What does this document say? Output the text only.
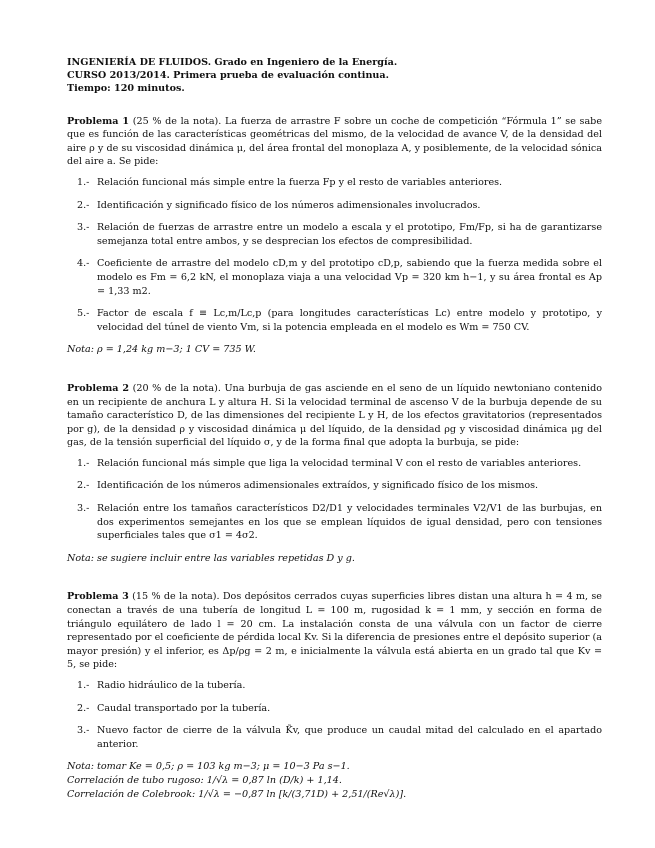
INGENIERÍA DE FLUIDOS. Grado en Ingeniero de la Energía.
CURSO 2013/2014. Primera prueba de evaluación continua.
Tiempo: 120 minutos.

Problema 1 (25 % de la nota). La fuerza de arrastre F sobre un coche de competición “Fórmula 1” se sabe que es función de las características geométricas del mismo, de la velocidad de avance V, de la densidad del aire ρ y de su viscosidad dinámica μ, del área frontal del monoplaza A, y posiblemente, de la velocidad sónica del aire a. Se pide:

1.- Relación funcional más simple entre la fuerza Fp y el resto de variables anteriores.
2.- Identificación y significado físico de los números adimensionales involucrados.
3.- Relación de fuerzas de arrastre entre un modelo a escala y el prototipo, Fm/Fp, si ha de garantizarse semejanza total entre ambos, y se desprecian los efectos de compresibilidad.
4.- Coeficiente de arrastre del modelo cD,m y del prototipo cD,p, sabiendo que la fuerza medida sobre el modelo es Fm = 6,2 kN, el monoplaza viaja a una velocidad Vp = 320 km h−1, y su área frontal es Ap = 1,33 m2.
5.- Factor de escala f ≡ Lc,m/Lc,p (para longitudes características Lc) entre modelo y prototipo, y velocidad del túnel de viento Vm, si la potencia empleada en el modelo es Wm = 750 CV.

Nota: ρ = 1,24 kg m−3; 1 CV = 735 W.

Problema 2 (20 % de la nota). Una burbuja de gas asciende en el seno de un líquido newtoniano contenido en un recipiente de anchura L y altura H. Si la velocidad terminal de ascenso V de la burbuja depende de su tamaño característico D, de las dimensiones del recipiente L y H, de los efectos gravitatorios (representados por g), de la densidad ρ y viscosidad dinámica μ del líquido, de la densidad ρg y viscosidad dinámica μg del gas, de la tensión superficial del líquido σ, y de la forma final que adopta la burbuja, se pide:

1.- Relación funcional más simple que liga la velocidad terminal V con el resto de variables anteriores.
2.- Identificación de los números adimensionales extraídos, y significado físico de los mismos.
3.- Relación entre los tamaños característicos D2/D1 y velocidades terminales V2/V1 de las burbujas, en dos experimentos semejantes en los que se emplean líquidos de igual densidad, pero con tensiones superficiales tales que σ1 = 4σ2.

Nota: se sugiere incluir entre las variables repetidas D y g.

Problema 3 (15 % de la nota). Dos depósitos cerrados cuyas superficies libres distan una altura h = 4 m, se conectan a través de una tubería de longitud L = 100 m, rugosidad k = 1 mm, y sección en forma de triángulo equilátero de lado l = 20 cm. La instalación consta de una válvula con un factor de cierre representado por el coeficiente de pérdida local Kv. Si la diferencia de presiones entre el depósito superior (a mayor presión) y el inferior, es Δp/ρg = 2 m, e inicialmente la válvula está abierta en un grado tal que Kv = 5, se pide:

1.- Radio hidráulico de la tubería.
2.- Caudal transportado por la tubería.
3.- Nuevo factor de cierre de la válvula K̃v, que produce un caudal mitad del calculado en el apartado anterior.

Nota: tomar Ke = 0,5; ρ = 103 kg m−3; μ = 10−3 Pa s−1.

Correlación de tubo rugoso: 1/√λ = 0,87 ln (D/k) + 1,14.

Correlación de Colebrook: 1/√λ = −0,87 ln [k/(3,71D) + 2,51/(Re√λ)].
